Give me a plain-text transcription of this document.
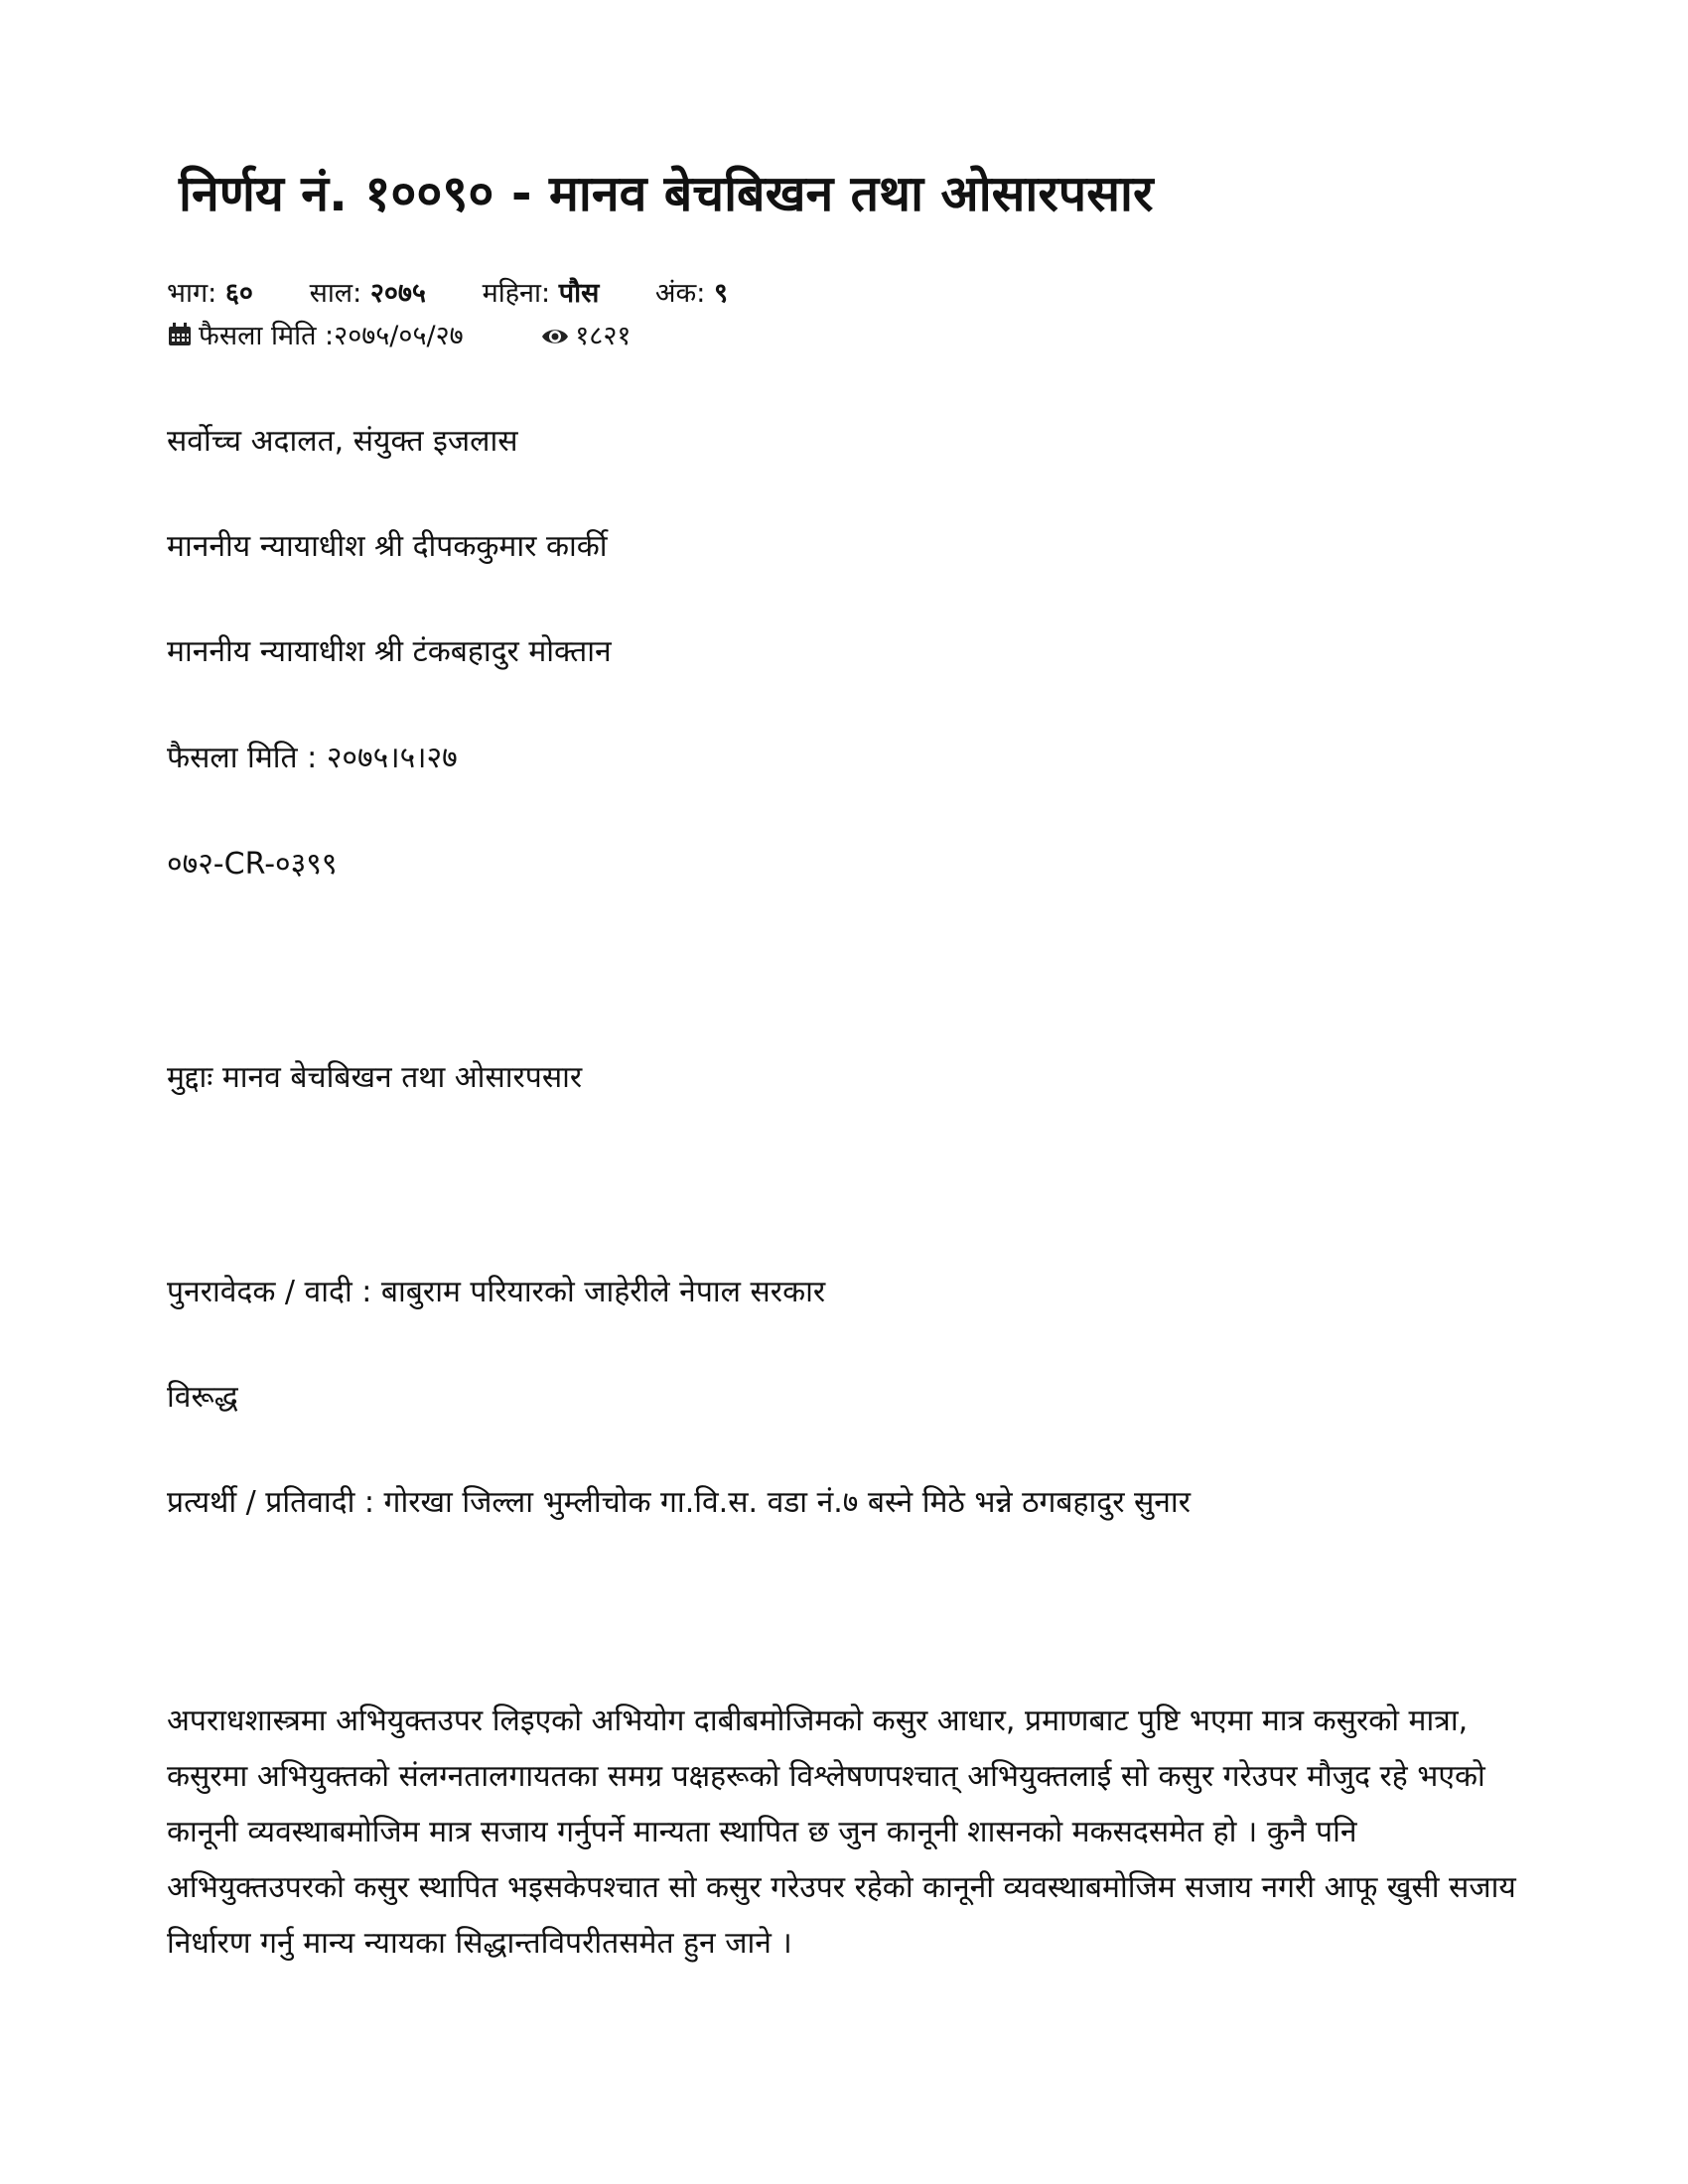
निर्णय नं. १००९० - मानव बेचबिखन तथा ओसारपसार
भाग: ६० साल: २०७५ महिना: पौस अंक: ९
फैसला मिति :२०७५/०५/२७	१८२१

सर्वोच्च अदालत, संयुक्त इजलास

माननीय न्यायाधीश श्री दीपककुमार कार्की

माननीय न्यायाधीश श्री टंकबहादुर मोक्तान

फैसला मिति : २०७५।५।२७

०७२-CR-०३९९

मुद्दाः मानव बेचबिखन तथा ओसारपसार

पुनरावेदक / वादी : बाबुराम परियारको जाहेरीले नेपाल सरकार

विरूद्ध

प्रत्यर्थी / प्रतिवादी : गोरखा जिल्ला भुम्लीचोक गा.वि.स. वडा नं.७ बस्ने मिठे भन्ने ठगबहादुर सुनार

अपराधशास्त्रमा अभियुक्तउपर लिइएको अभियोग दाबीबमोजिमको कसुर आधार, प्रमाणबाट पुष्टि भएमा मात्र कसुरको मात्रा, कसुरमा अभियुक्तको संलग्नतालगायतका समग्र पक्षहरूको विश्लेषणपश्चात् अभियुक्तलाई सो कसुर गरेउपर मौजुद रहे भएको कानूनी व्यवस्थाबमोजिम मात्र सजाय गर्नुपर्ने मान्यता स्थापित छ जुन कानूनी शासनको मकसदसमेत हो । कुनै पनि अभियुक्तउपरको कसुर स्थापित भइसकेपश्चात सो कसुर गरेउपर रहेको कानूनी व्यवस्थाबमोजिम सजाय नगरी आफू खुसी सजाय निर्धारण गर्नु मान्य न्यायका सिद्धान्तविपरीतसमेत हुन जाने ।
